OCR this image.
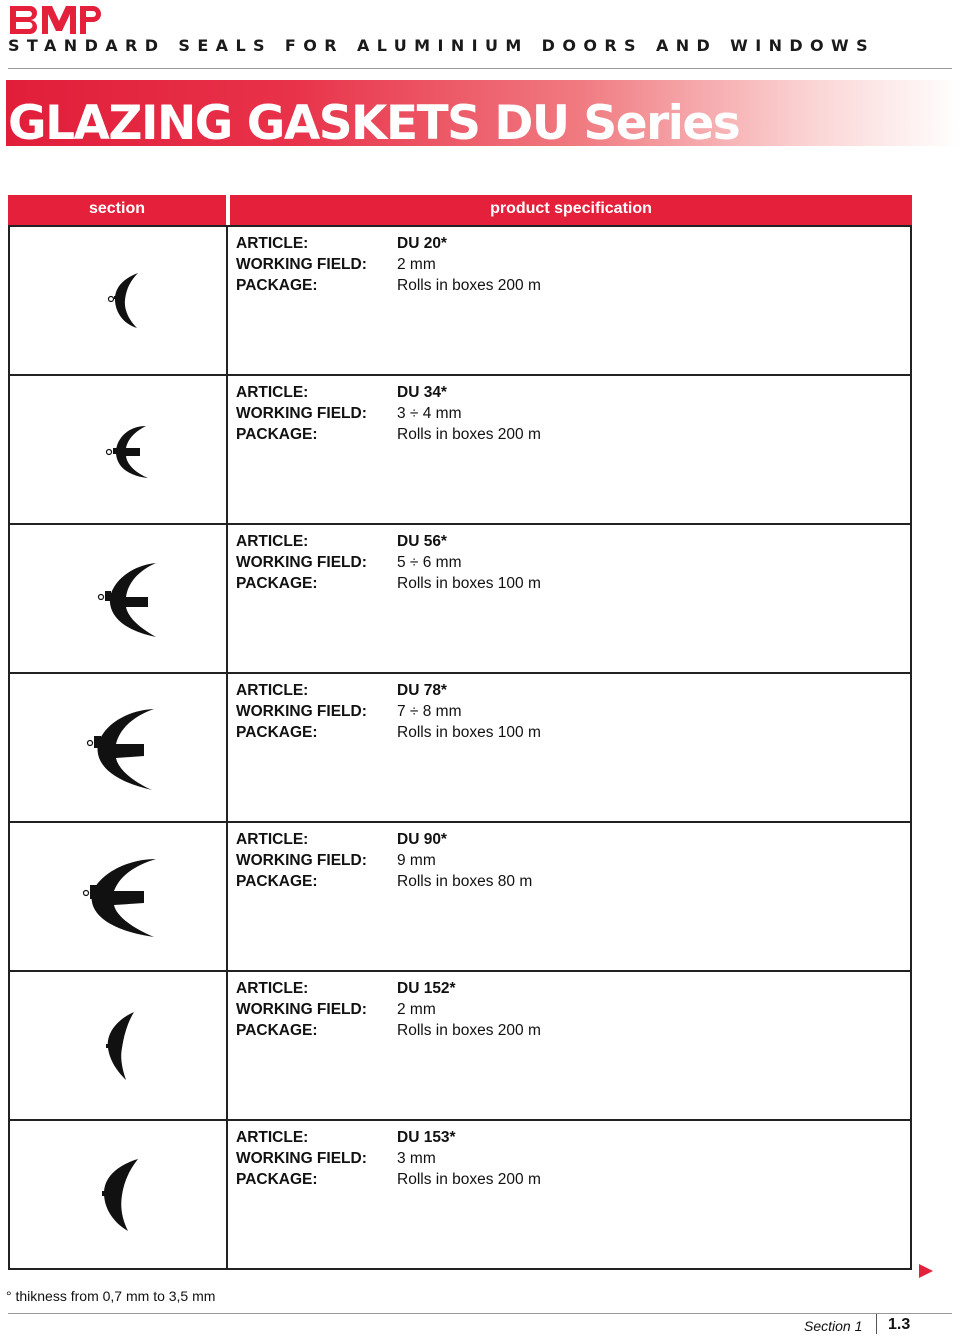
STANDARD SEALS FOR ALUMINIUM DOORS AND WINDOWS
GLAZING GASKETS DU Series
section	product specification
ARTICLE:	DU 20*
WORKING FIELD: 2 mm
PACKAGE:	Rolls in boxes 200 m
ARTICLE:	DU 34*
WORKING FIELD: 3 ÷ 4 mm
PACKAGE:	Rolls in boxes 200 m
ARTICLE:	DU 56*
WORKING FIELD: 5 ÷ 6 mm
PACKAGE:	Rolls in boxes 100 m
ARTICLE:	DU 78*
WORKING FIELD: 7 ÷ 8 mm
PACKAGE:	Rolls in boxes 100 m
ARTICLE:	DU 90*
WORKING FIELD: 9 mm
PACKAGE:	Rolls in boxes 80 m
ARTICLE:	DU 152*
WORKING FIELD: 2 mm
PACKAGE:	Rolls in boxes 200 m
ARTICLE:	DU 153*
WORKING FIELD: 3 mm
PACKAGE:	Rolls in boxes 200 m
° thikness from 0,7 mm to 3,5 mm
Section 1 1.3
